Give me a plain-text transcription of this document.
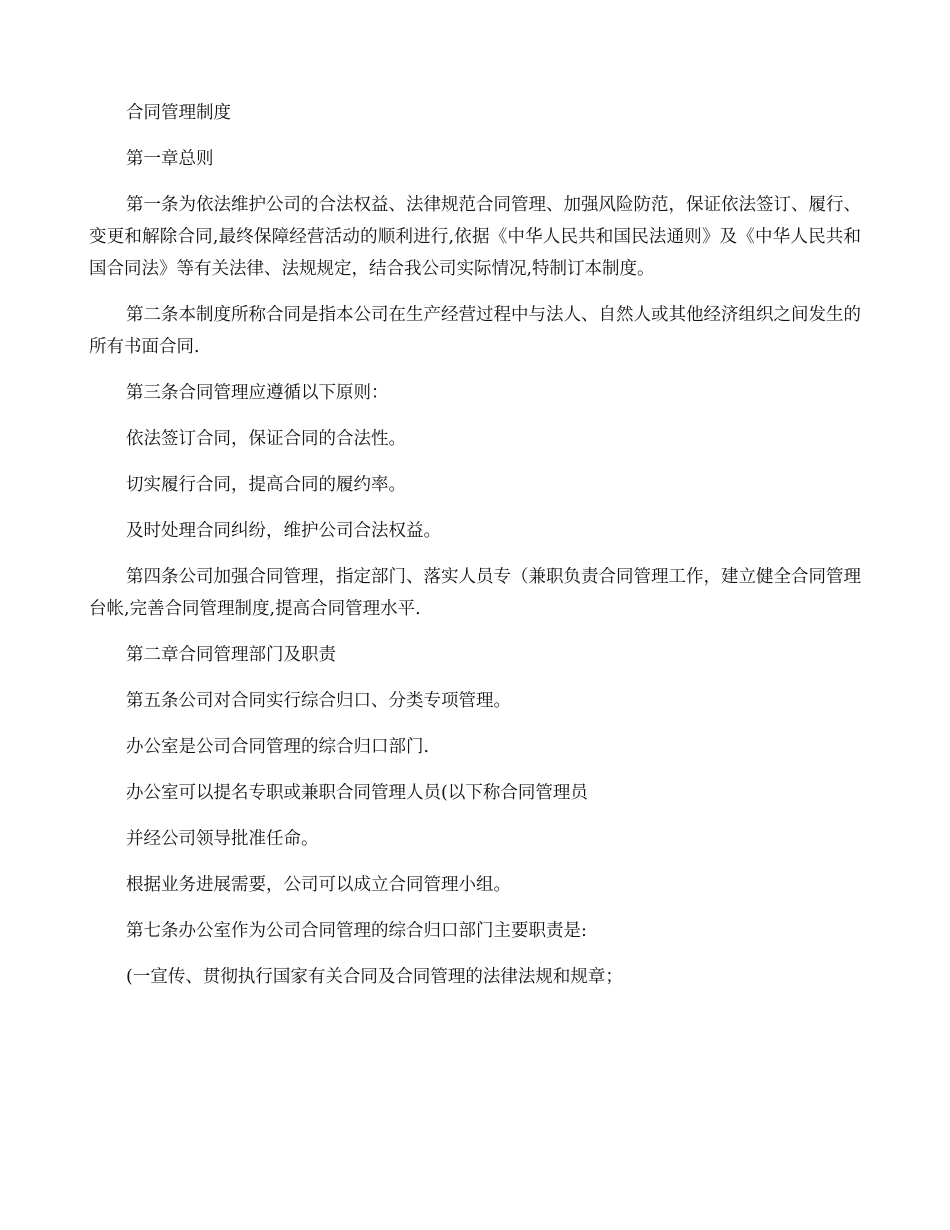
合同管理制度

第一章总则

第一条为依法维护公司的合法权益、法律规范合同管理、加强风险防范，保证依法签订、履行、变更和解除合同,最终保障经营活动的顺利进行,依据《中华人民共和国民法通则》及《中华人民共和国合同法》等有关法律、法规规定，结合我公司实际情况,特制订本制度。

第二条本制度所称合同是指本公司在生产经营过程中与法人、自然人或其他经济组织之间发生的所有书面合同.

第三条合同管理应遵循以下原则：

依法签订合同，保证合同的合法性。

切实履行合同，提高合同的履约率。

及时处理合同纠纷，维护公司合法权益。

第四条公司加强合同管理，指定部门、落实人员专（兼职负责合同管理工作，建立健全合同管理台帐,完善合同管理制度,提高合同管理水平.

第二章合同管理部门及职责

第五条公司对合同实行综合归口、分类专项管理。

办公室是公司合同管理的综合归口部门.

办公室可以提名专职或兼职合同管理人员(以下称合同管理员

并经公司领导批准任命。

根据业务进展需要，公司可以成立合同管理小组。

第七条办公室作为公司合同管理的综合归口部门主要职责是:

(一宣传、贯彻执行国家有关合同及合同管理的法律法规和规章；
